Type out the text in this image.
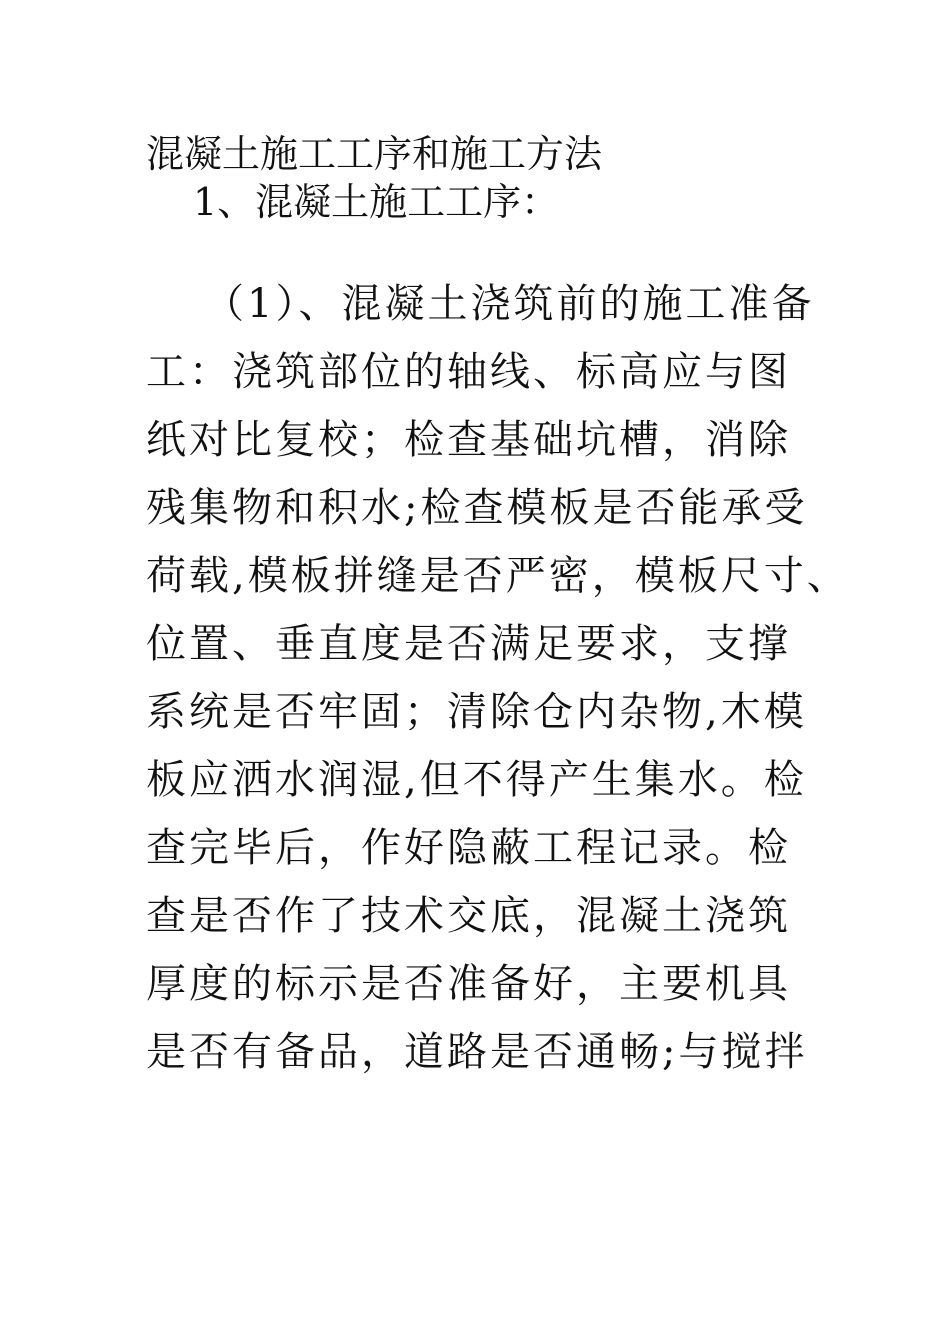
混凝土施工工序和施工方法
1、混凝土施工工序：
（1）、混凝土浇筑前的施工准备
工：浇筑部位的轴线、标高应与图
纸对比复校；检查基础坑槽，消除
残集物和积水;检查模板是否能承受
荷载,模板拼缝是否严密，模板尺寸、
位置、垂直度是否满足要求，支撑
系统是否牢固；清除仓内杂物,木模
板应洒水润湿,但不得产生集水。检
查完毕后，作好隐蔽工程记录。检
查是否作了技术交底，混凝土浇筑
厚度的标示是否准备好，主要机具
是否有备品，道路是否通畅;与搅拌
